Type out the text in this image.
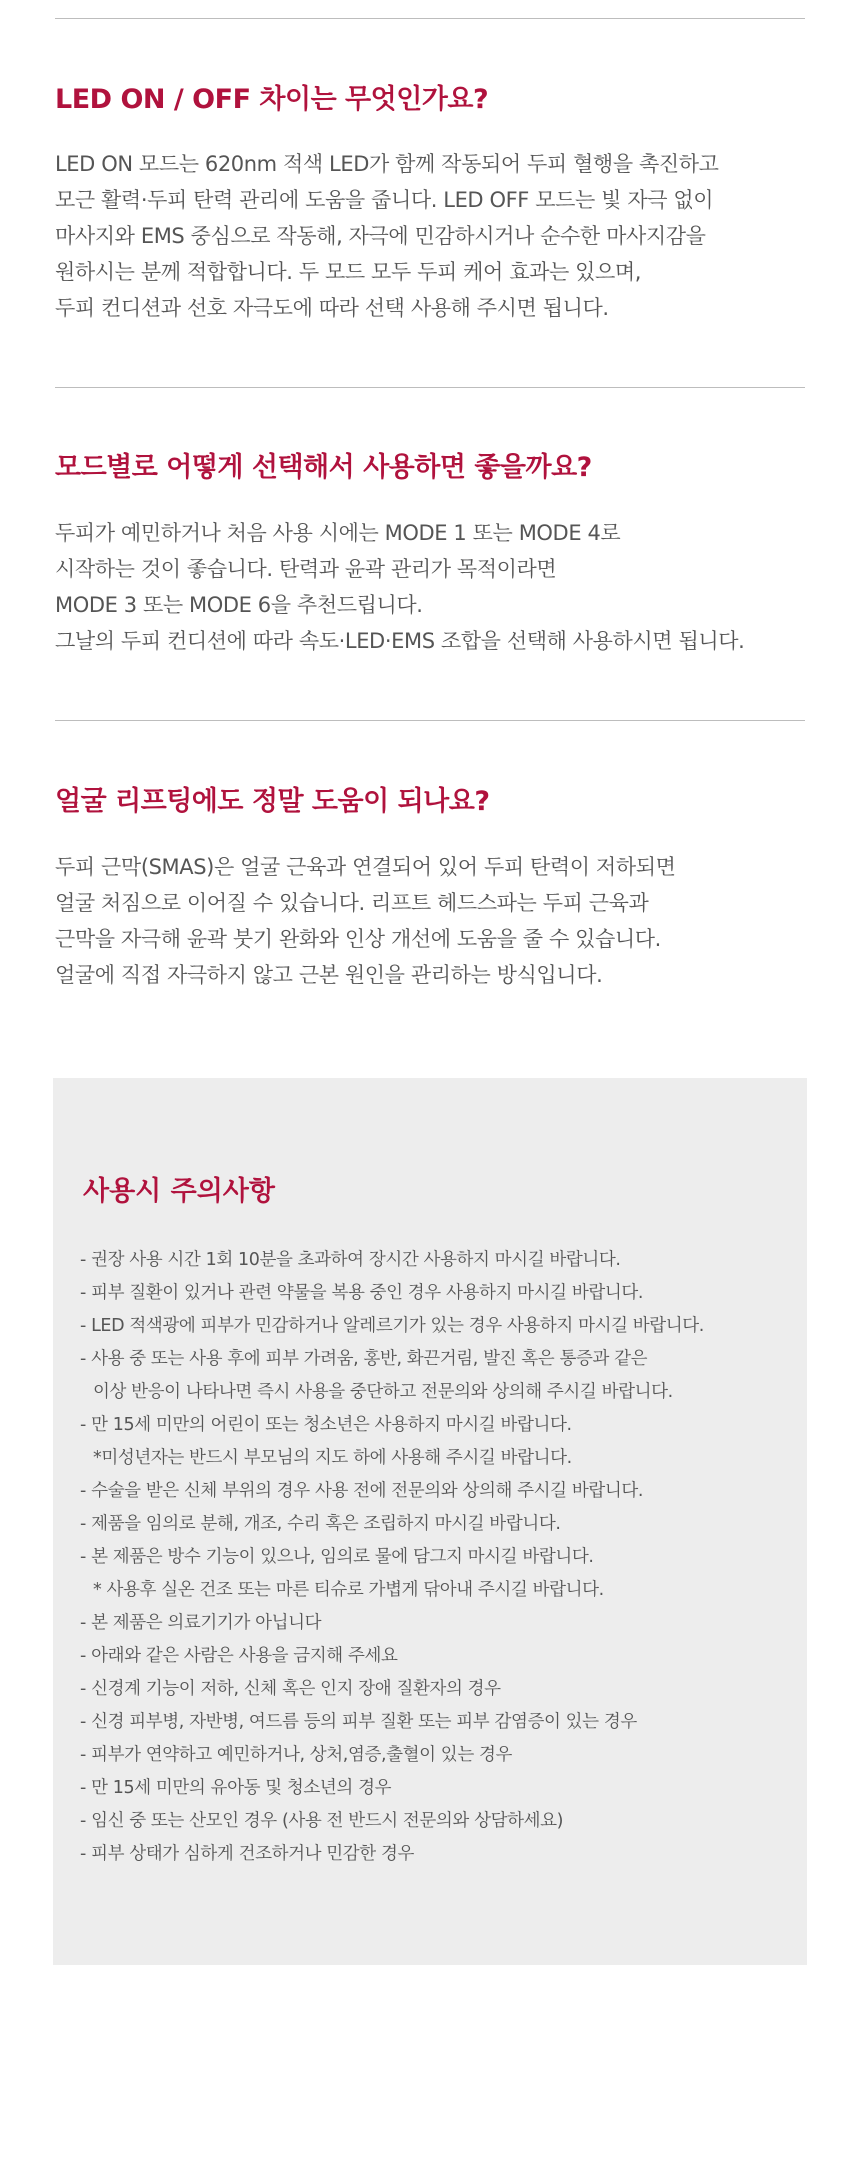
LED ON / OFF 차이는 무엇인가요?
LED ON 모드는 620nm 적색 LED가 함께 작동되어 두피 혈행을 촉진하고
모근 활력·두피 탄력 관리에 도움을 줍니다. LED OFF 모드는 빛 자극 없이
마사지와 EMS 중심으로 작동해, 자극에 민감하시거나 순수한 마사지감을
원하시는 분께 적합합니다. 두 모드 모두 두피 케어 효과는 있으며,
두피 컨디션과 선호 자극도에 따라 선택 사용해 주시면 됩니다.
모드별로 어떻게 선택해서 사용하면 좋을까요?
두피가 예민하거나 처음 사용 시에는 MODE 1 또는 MODE 4로
시작하는 것이 좋습니다. 탄력과 윤곽 관리가 목적이라면
MODE 3 또는 MODE 6을 추천드립니다.
그날의 두피 컨디션에 따라 속도·LED·EMS 조합을 선택해 사용하시면 됩니다.
얼굴 리프팅에도 정말 도움이 되나요?
두피 근막(SMAS)은 얼굴 근육과 연결되어 있어 두피 탄력이 저하되면
얼굴 처짐으로 이어질 수 있습니다. 리프트 헤드스파는 두피 근육과
근막을 자극해 윤곽 붓기 완화와 인상 개선에 도움을 줄 수 있습니다.
얼굴에 직접 자극하지 않고 근본 원인을 관리하는 방식입니다.
사용시 주의사항
- 권장 사용 시간 1회 10분을 초과하여 장시간 사용하지 마시길 바랍니다.
- 피부 질환이 있거나 관련 약물을 복용 중인 경우 사용하지 마시길 바랍니다.
- LED 적색광에 피부가 민감하거나 알레르기가 있는 경우 사용하지 마시길 바랍니다.
- 사용 중 또는 사용 후에 피부 가려움, 홍반, 화끈거림, 발진 혹은 통증과 같은
이상 반응이 나타나면 즉시 사용을 중단하고 전문의와 상의해 주시길 바랍니다.
- 만 15세 미만의 어린이 또는 청소년은 사용하지 마시길 바랍니다.
*미성년자는 반드시 부모님의 지도 하에 사용해 주시길 바랍니다.
- 수술을 받은 신체 부위의 경우 사용 전에 전문의와 상의해 주시길 바랍니다.
- 제품을 임의로 분해, 개조, 수리 혹은 조립하지 마시길 바랍니다.
- 본 제품은 방수 기능이 있으나, 임의로 물에 담그지 마시길 바랍니다.
* 사용후 실온 건조 또는 마른 티슈로 가볍게 닦아내 주시길 바랍니다.
- 본 제품은 의료기기가 아닙니다
- 아래와 같은 사람은 사용을 금지해 주세요
- 신경계 기능이 저하, 신체 혹은 인지 장애 질환자의 경우
- 신경 피부병, 자반병, 여드름 등의 피부 질환 또는 피부 감염증이 있는 경우
- 피부가 연약하고 예민하거나, 상처,염증,출혈이 있는 경우
- 만 15세 미만의 유아동 및 청소년의 경우
- 임신 중 또는 산모인 경우 (사용 전 반드시 전문의와 상담하세요)
- 피부 상태가 심하게 건조하거나 민감한 경우
